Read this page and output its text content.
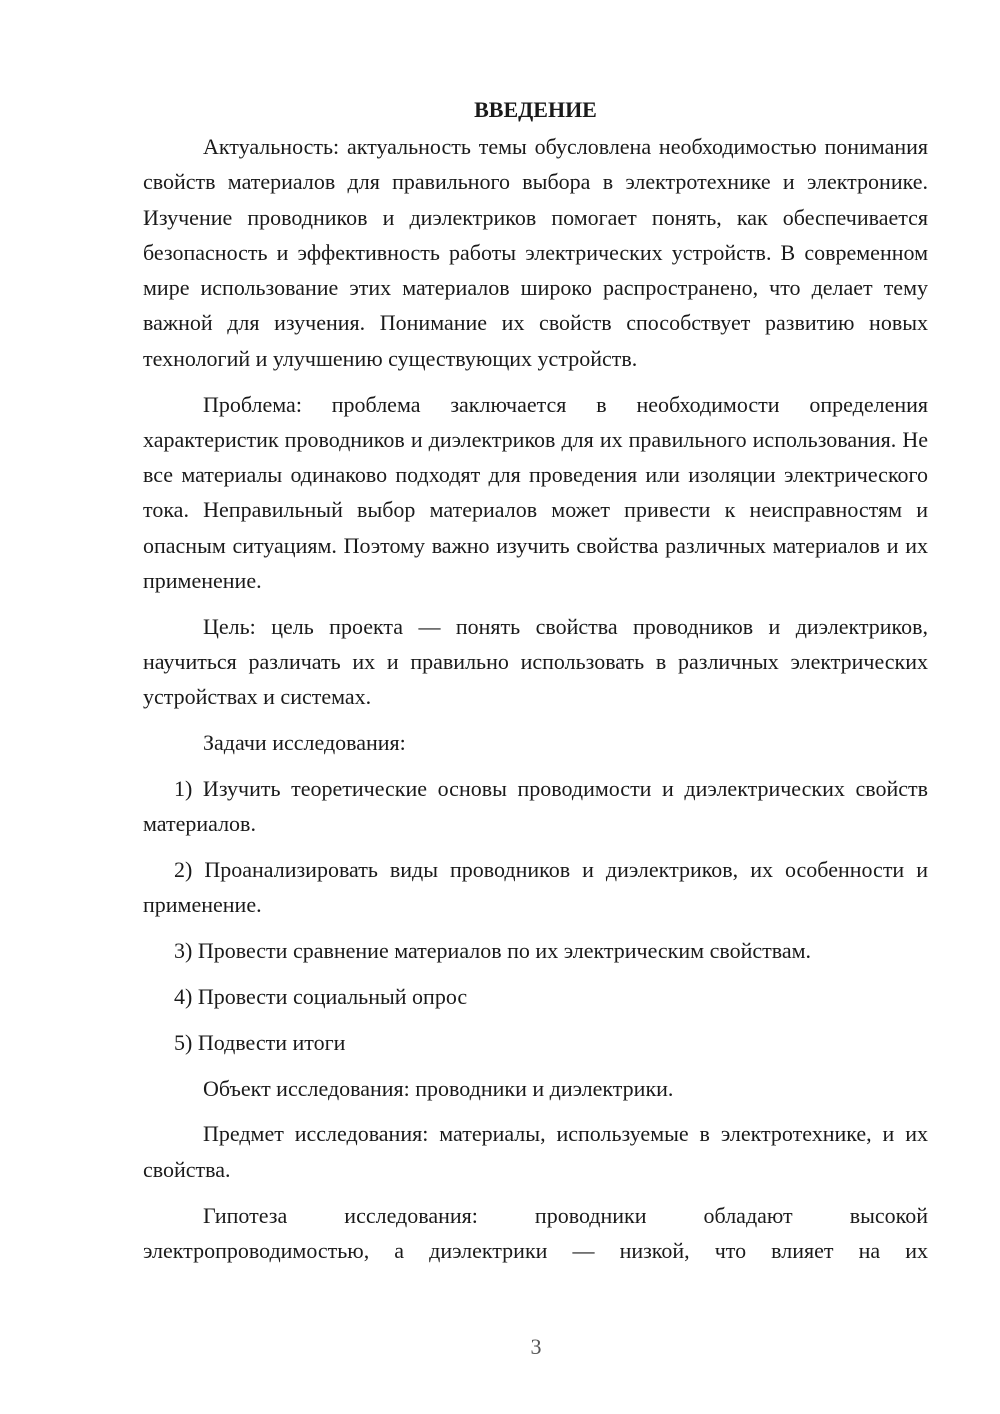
ВВЕДЕНИЕ

Актуальность: актуальность темы обусловлена необходимостью понимания свойств материалов для правильного выбора в электротехнике и электронике. Изучение проводников и диэлектриков помогает понять, как обеспечивается безопасность и эффективность работы электрических устройств. В современном мире использование этих материалов широко распространено, что делает тему важной для изучения. Понимание их свойств способствует развитию новых технологий и улучшению существующих устройств.

Проблема: проблема заключается в необходимости определения характеристик проводников и диэлектриков для их правильного использования. Не все материалы одинаково подходят для проведения или изоляции электрического тока. Неправильный выбор материалов может привести к неисправностям и опасным ситуациям. Поэтому важно изучить свойства различных материалов и их применение.

Цель: цель проекта — понять свойства проводников и диэлектриков, научиться различать их и правильно использовать в различных электрических устройствах и системах.

Задачи исследования:

1) Изучить теоретические основы проводимости и диэлектрических свойств материалов.

2) Проанализировать виды проводников и диэлектриков, их особенности и применение.

3) Провести сравнение материалов по их электрическим свойствам.

4) Провести социальный опрос

5) Подвести итоги

Объект исследования: проводники и диэлектрики.

Предмет исследования: материалы, используемые в электротехнике, и их свойства.

Гипотеза исследования: проводники обладают высокой электропроводимостью, а диэлектрики — низкой, что влияет на их

3
